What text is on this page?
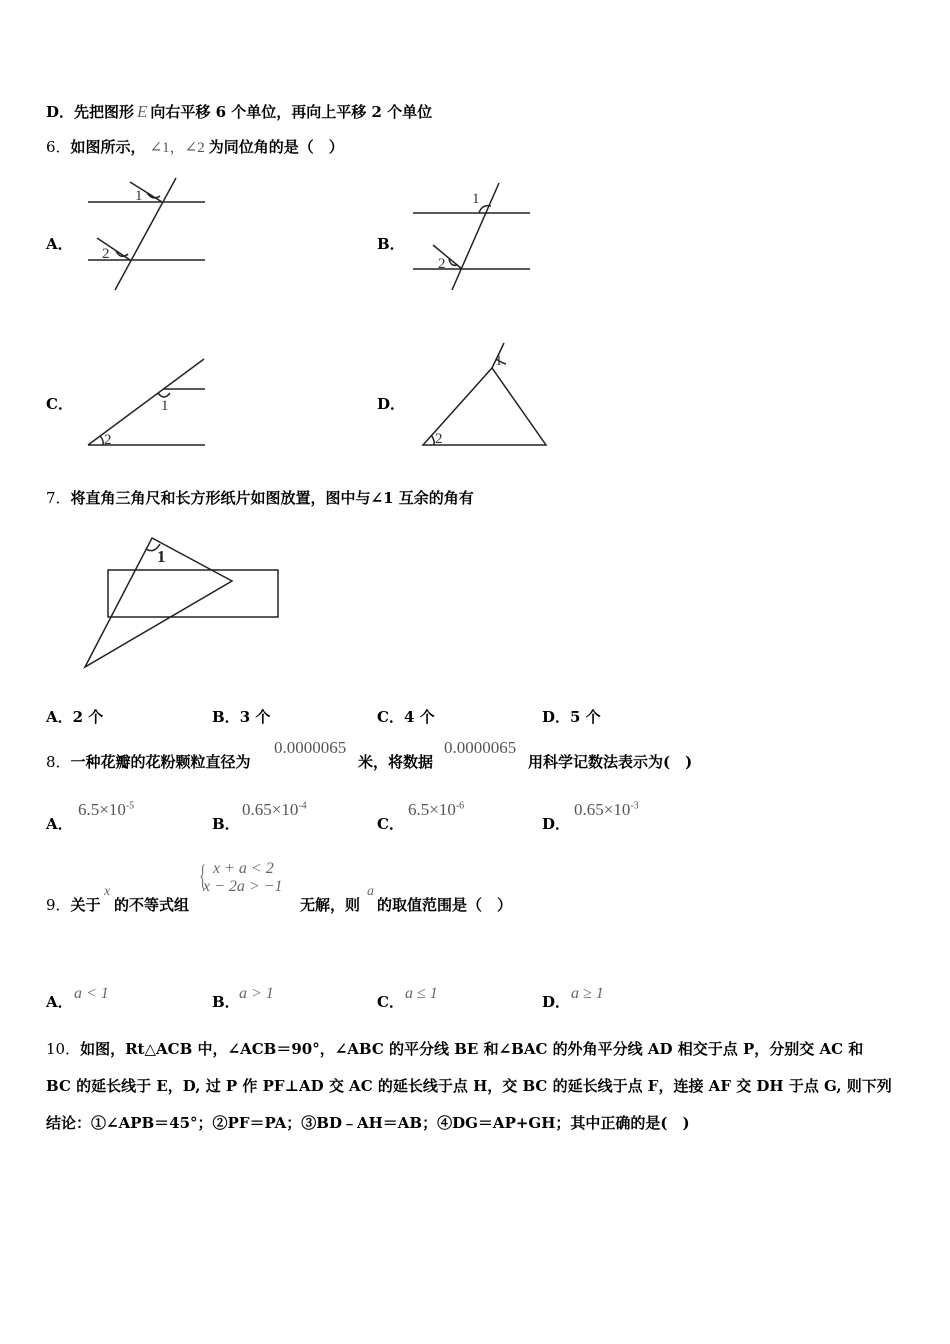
D．先把图形 E 向右平移 6 个单位，再向上平移 2 个单位
6．如图所示， ∠1，∠2 为同位角的是（　）
A．
1
2
B．
1
2
C．	1
2
D．
1
2
7．将直角三角尺和长方形纸片如图放置，图中与∠1 互余的角有
1
A．2 个	B．3 个	C．4 个	D．5 个
8．一种花瓣的花粉颗粒直径为
0.0000065
米，将数据
0.0000065
用科学记数法表示为(　)
A．
$6.5\times 10^{-5}$
B．
$0.65\times 10^{-4}$
C．
$6.5\times 10^{-6}$
D．
$0.65\times 10^{-3}$
9．关于
x
的不等式组
{ x + a < 2
x − 2a > −1
无解，则
a
的取值范围是（　）
A． a < 1	B． a > 1	C． a ≤ 1	D． a ≥ 1
10．如图，Rt△ACB 中，∠ACB＝90°，∠ABC 的平分线 BE 和∠BAC 的外角平分线 AD 相交于点 P，分别交 AC 和
BC 的延长线于 E，D, 过 P 作 PF⊥AD 交 AC 的延长线于点 H，交 BC 的延长线于点 F，连接 AF 交 DH 于点 G, 则下列
结论：①∠APB＝45°；②PF＝PA；③BD﹣AH＝AB；④DG＝AP+GH；其中正确的是(　)
